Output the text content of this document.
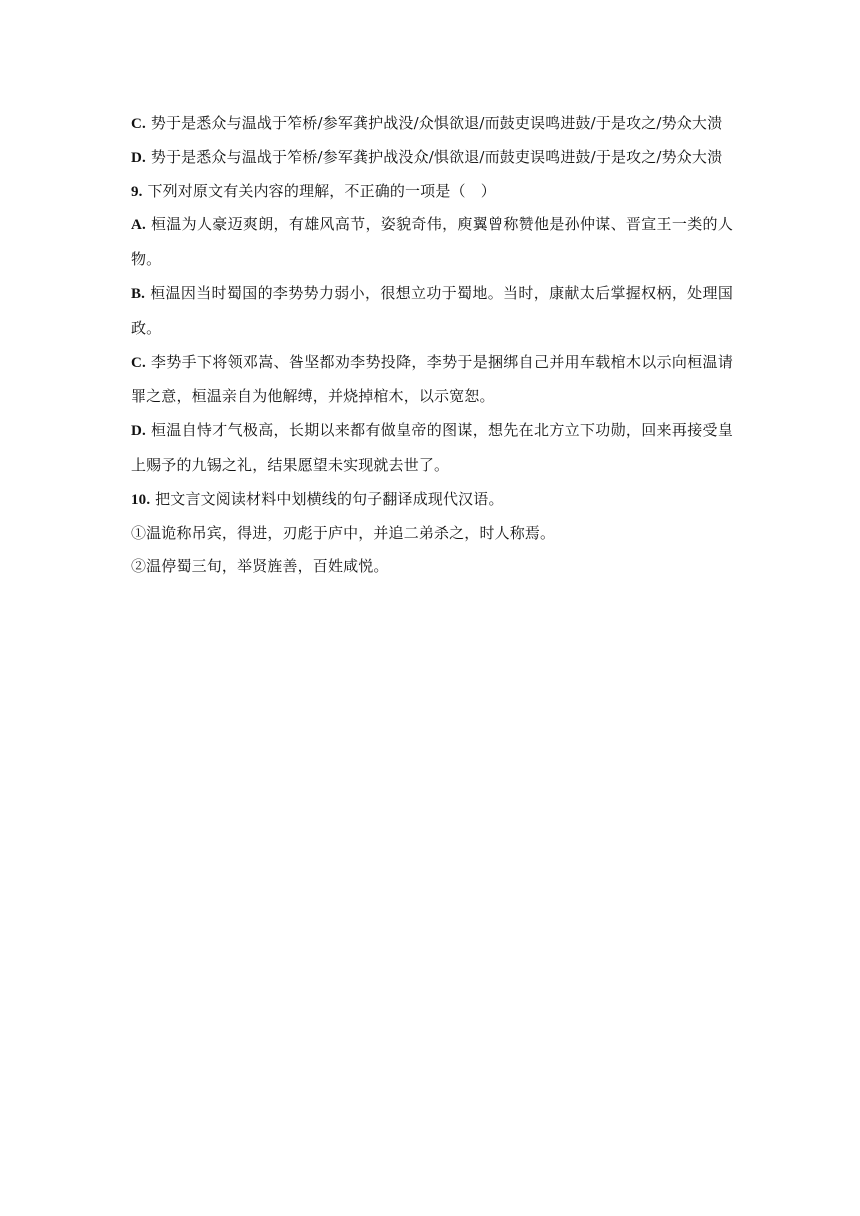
C. 势于是悉众与温战于笮桥/参军龚护战没/众惧欲退/而鼓吏误鸣进鼓/于是攻之/势众大溃
D. 势于是悉众与温战于笮桥/参军龚护战没众/惧欲退/而鼓吏误鸣进鼓/于是攻之/势众大溃
9. 下列对原文有关内容的理解，不正确的一项是（　）
A. 桓温为人豪迈爽朗，有雄风高节，姿貌奇伟，庾翼曾称赞他是孙仲谋、晋宣王一类的人物。
B. 桓温因当时蜀国的李势势力弱小，很想立功于蜀地。当时，康献太后掌握权柄，处理国政。
C. 李势手下将领邓嵩、昝坚都劝李势投降，李势于是捆绑自己并用车载棺木以示向桓温请罪之意，桓温亲自为他解缚，并烧掉棺木，以示宽恕。
D. 桓温自恃才气极高，长期以来都有做皇帝的图谋，想先在北方立下功勋，回来再接受皇上赐予的九锡之礼，结果愿望未实现就去世了。
10. 把文言文阅读材料中划横线的句子翻译成现代汉语。
①温诡称吊宾，得进，刃彪于庐中，并追二弟杀之，时人称焉。
②温停蜀三旬，举贤旌善，百姓咸悦。
